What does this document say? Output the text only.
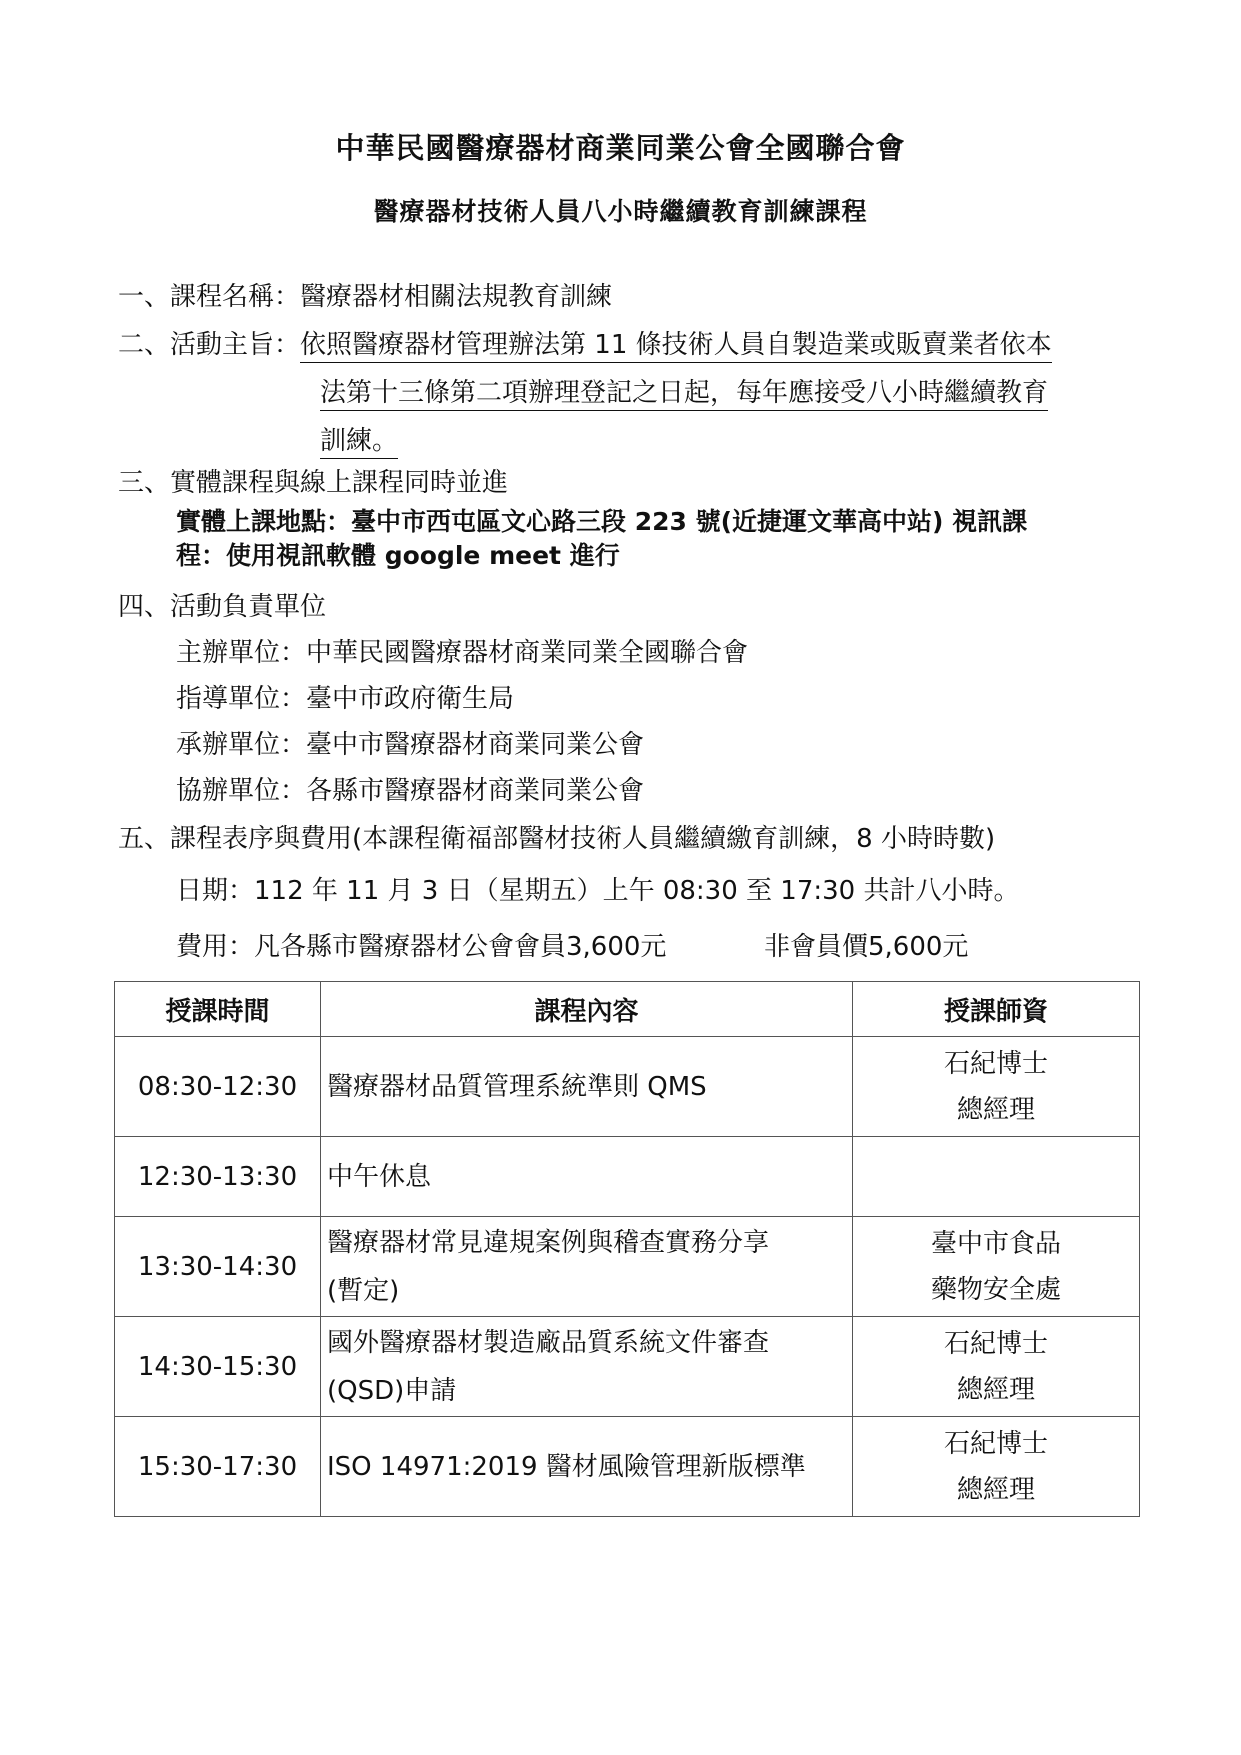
中華民國醫療器材商業同業公會全國聯合會
醫療器材技術人員八小時繼續教育訓練課程
一、課程名稱：醫療器材相關法規教育訓練
二、活動主旨：依照醫療器材管理辦法第 11 條技術人員自製造業或販賣業者依本
法第十三條第二項辦理登記之日起，每年應接受八小時繼續教育
訓練。
三、實體課程與線上課程同時並進
實體上課地點：臺中市西屯區文心路三段 223 號(近捷運文華高中站) 視訊課
程：使用視訊軟體 google meet 進行
四、活動負責單位
主辦單位：中華民國醫療器材商業同業全國聯合會
指導單位：臺中市政府衛生局
承辦單位：臺中市醫療器材商業同業公會
協辦單位：各縣市醫療器材商業同業公會
五、課程表序與費用(本課程衛福部醫材技術人員繼續繳育訓練，8 小時時數)
日期：112 年 11 月 3 日（星期五）上午 08:30 至 17:30 共計八小時。
費用：凡各縣市醫療器材公會會員3,600元	非會員價5,600元
授課時間	課程內容	授課師資
08:30-12:30	醫療器材品質管理系統準則 QMS	石紀博士
總經理

12:30-13:30	中午休息	

13:30-14:30	醫療器材常見違規案例與稽查實務分享
(暫定)	臺中市食品
藥物安全處

14:30-15:30	國外醫療器材製造廠品質系統文件審查
(QSD)申請	石紀博士
總經理

15:30-17:30	ISO 14971:2019 醫材風險管理新版標準	石紀博士
總經理
